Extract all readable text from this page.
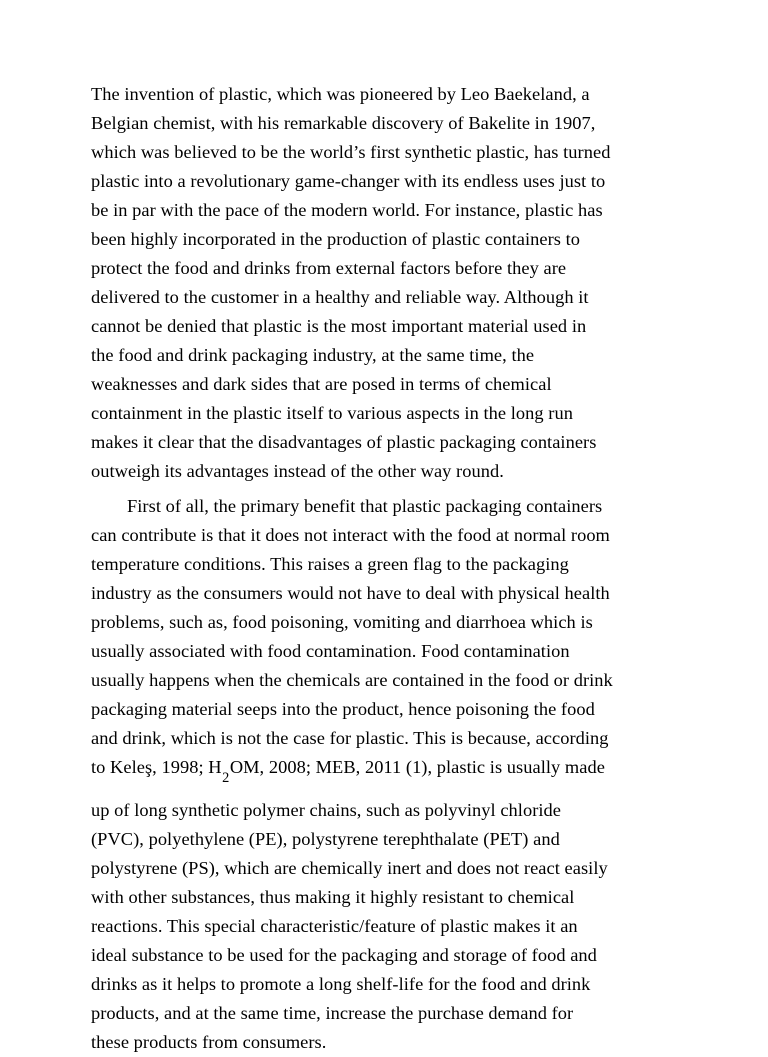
The invention of plastic, which was pioneered by Leo Baekeland, a
Belgian chemist, with his remarkable discovery of Bakelite in 1907,
which was believed to be the world’s first synthetic plastic, has turned
plastic into a revolutionary game-changer with its endless uses just to
be in par with the pace of the modern world. For instance, plastic has
been highly incorporated in the production of plastic containers to
protect the food and drinks from external factors before they are
delivered to the customer in a healthy and reliable way. Although it
cannot be denied that plastic is the most important material used in
the food and drink packaging industry, at the same time, the
weaknesses and dark sides that are posed in terms of chemical
containment in the plastic itself to various aspects in the long run
makes it clear that the disadvantages of plastic packaging containers
outweigh its advantages instead of the other way round.

First of all, the primary benefit that plastic packaging containers
can contribute is that it does not interact with the food at normal room
temperature conditions. This raises a green flag to the packaging
industry as the consumers would not have to deal with physical health
problems, such as, food poisoning, vomiting and diarrhoea which is
usually associated with food contamination. Food contamination
usually happens when the chemicals are contained in the food or drink
packaging material seeps into the product, hence poisoning the food
and drink, which is not the case for plastic. This is because, according
to Keleş, 1998; $H_2OM$, 2008; MEB, 2011 (1), plastic is usually made
up of long synthetic polymer chains, such as polyvinyl chloride
(PVC), polyethylene (PE), polystyrene terephthalate (PET) and
polystyrene (PS), which are chemically inert and does not react easily
with other substances, thus making it highly resistant to chemical
reactions. This special characteristic/feature of plastic makes it an
ideal substance to be used for the packaging and storage of food and
drinks as it helps to promote a long shelf-life for the food and drink
products, and at the same time, increase the purchase demand for
these products from consumers.
